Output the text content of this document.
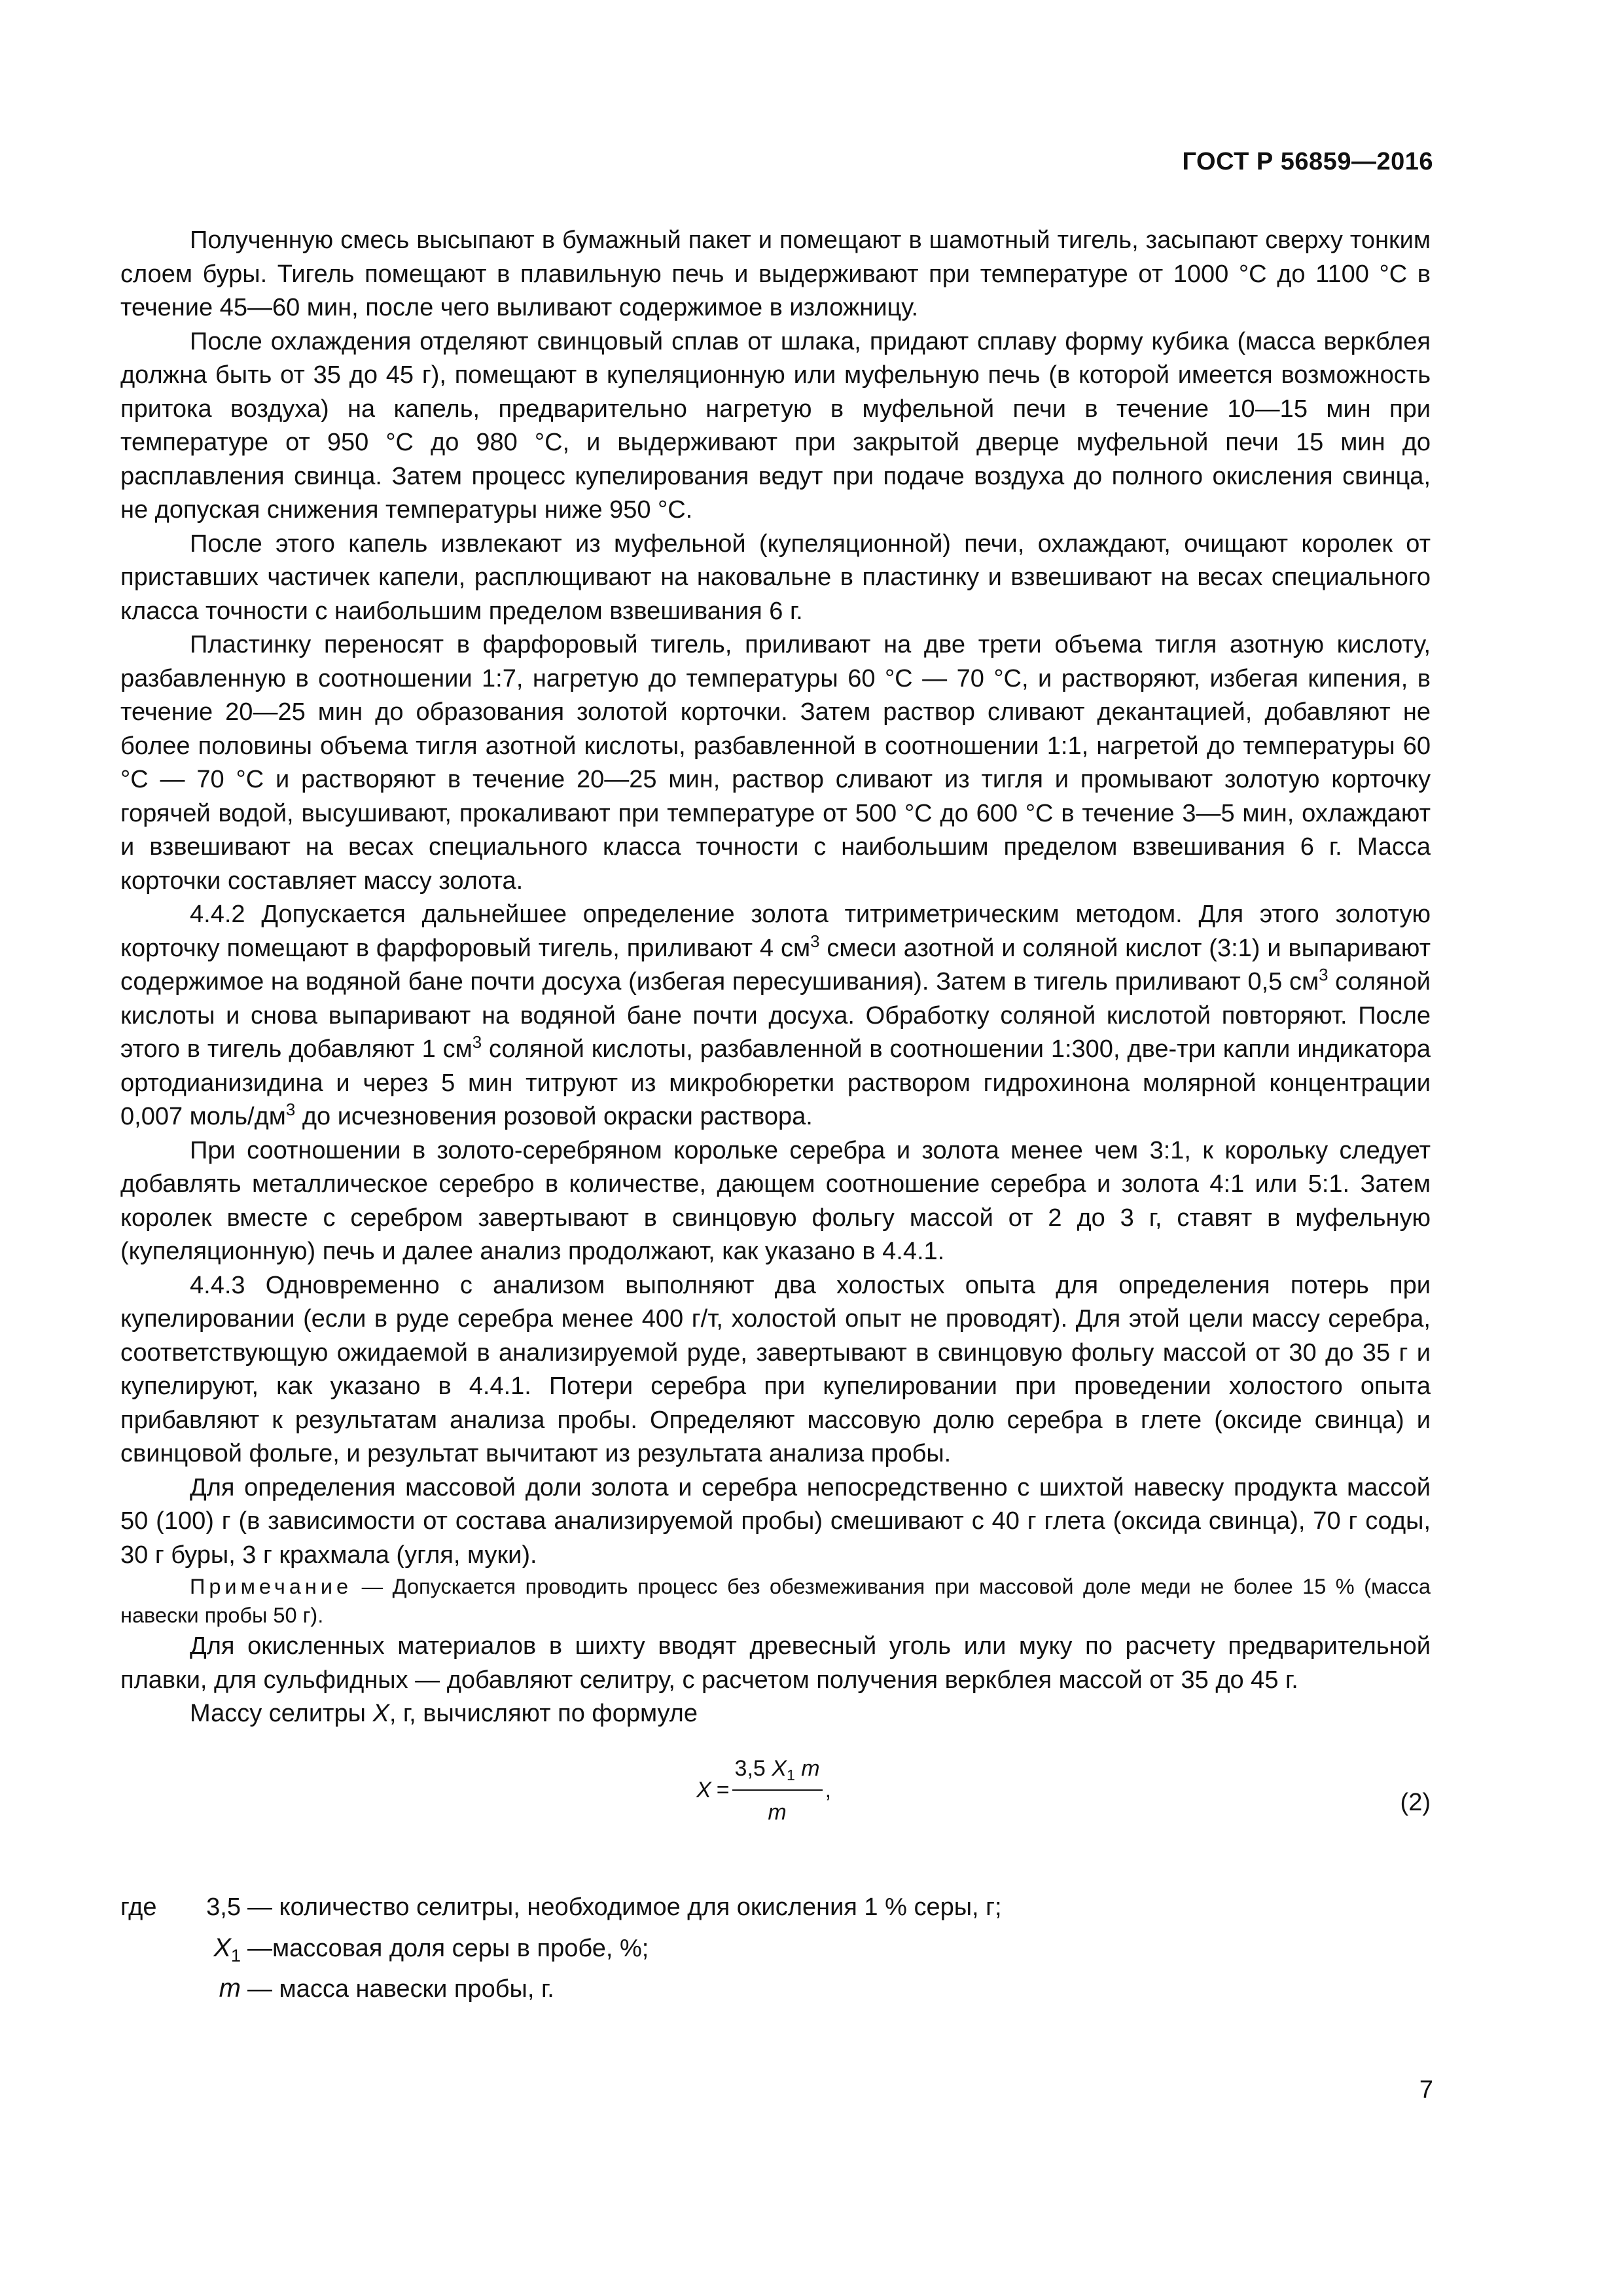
ГОСТ Р 56859—2016

Полученную смесь высыпают в бумажный пакет и помещают в шамотный тигель, засыпают сверху тонким слоем буры. Тигель помещают в плавильную печь и выдерживают при температуре от 1000 °С до 1100 °С в течение 45—60 мин, после чего выливают содержимое в изложницу.

После охлаждения отделяют свинцовый сплав от шлака, придают сплаву форму кубика (масса веркблея должна быть от 35 до 45 г), помещают в купеляционную или муфельную печь (в которой имеется возможность притока воздуха) на капель, предварительно нагретую в муфельной печи в течение 10—15 мин при температуре от 950 °С до 980 °С, и выдерживают при закрытой дверце муфельной печи 15 мин до расплавления свинца. Затем процесс купелирования ведут при подаче воздуха до полного окисления свинца, не допуская снижения температуры ниже 950 °С.

После этого капель извлекают из муфельной (купеляционной) печи, охлаждают, очищают королек от приставших частичек капели, расплющивают на наковальне в пластинку и взвешивают на весах специального класса точности с наибольшим пределом взвешивания 6 г.

Пластинку переносят в фарфоровый тигель, приливают на две трети объема тигля азотную кислоту, разбавленную в соотношении 1:7, нагретую до температуры 60 °С — 70 °С, и растворяют, избегая кипения, в течение 20—25 мин до образования золотой корточки. Затем раствор сливают декантацией, добавляют не более половины объема тигля азотной кислоты, разбавленной в соотношении 1:1, нагретой до температуры 60 °С — 70 °С и растворяют в течение 20—25 мин, раствор сливают из тигля и промывают золотую корточку горячей водой, высушивают, прокаливают при температуре от 500 °С до 600 °С в течение 3—5 мин, охлаждают и взвешивают на весах специального класса точности с наибольшим пределом взвешивания 6 г. Масса корточки составляет массу золота.

4.4.2 Допускается дальнейшее определение золота титриметрическим методом. Для этого золотую корточку помещают в фарфоровый тигель, приливают 4 $см^3$ смеси азотной и соляной кислот (3:1) и выпаривают содержимое на водяной бане почти досуха (избегая пересушивания). Затем в тигель приливают 0,5 $см^3$ соляной кислоты и снова выпаривают на водяной бане почти досуха. Обработку соляной кислотой повторяют. После этого в тигель добавляют 1 $см^3$ соляной кислоты, разбавленной в соотношении 1:300, две-три капли индикатора ортодианизидина и через 5 мин титруют из микробюретки раствором гидрохинона молярной концентрации 0,007 моль/$дм^3$ до исчезновения розовой окраски раствора.

При соотношении в золото-серебряном корольке серебра и золота менее чем 3:1, к корольку следует добавлять металлическое серебро в количестве, дающем соотношение серебра и золота 4:1 или 5:1. Затем королек вместе с серебром завертывают в свинцовую фольгу массой от 2 до 3 г, ставят в муфельную (купеляционную) печь и далее анализ продолжают, как указано в 4.4.1.

4.4.3 Одновременно с анализом выполняют два холостых опыта для определения потерь при купелировании (если в руде серебра менее 400 г/т, холостой опыт не проводят). Для этой цели массу серебра, соответствующую ожидаемой в анализируемой руде, завертывают в свинцовую фольгу массой от 30 до 35 г и купелируют, как указано в 4.4.1. Потери серебра при купелировании при проведении холостого опыта прибавляют к результатам анализа пробы. Определяют массовую долю серебра в глете (оксиде свинца) и свинцовой фольге, и результат вычитают из результата анализа пробы.

Для определения массовой доли золота и серебра непосредственно с шихтой навеску продукта массой 50 (100) г (в зависимости от состава анализируемой пробы) смешивают с 40 г глета (оксида свинца), 70 г соды, 30 г буры, 3 г крахмала (угля, муки).

Примечание — Допускается проводить процесс без обезмеживания при массовой доле меди не более 15 % (масса навески пробы 50 г).

Для окисленных материалов в шихту вводят древесный уголь или муку по расчету предварительной плавки, для сульфидных — добавляют селитру, с расчетом получения веркблея массой от 35 до 45 г.

Массу селитры X, г, вычисляют по формуле

$X = \frac{3,5 X_1 m}{m}$ ,	(2)
где	3,5 — количество селитры, необходимое для окисления 1 % серы, г;
$X_1$ —массовая доля серы в пробе, %;
m — масса навески пробы, г.
7
